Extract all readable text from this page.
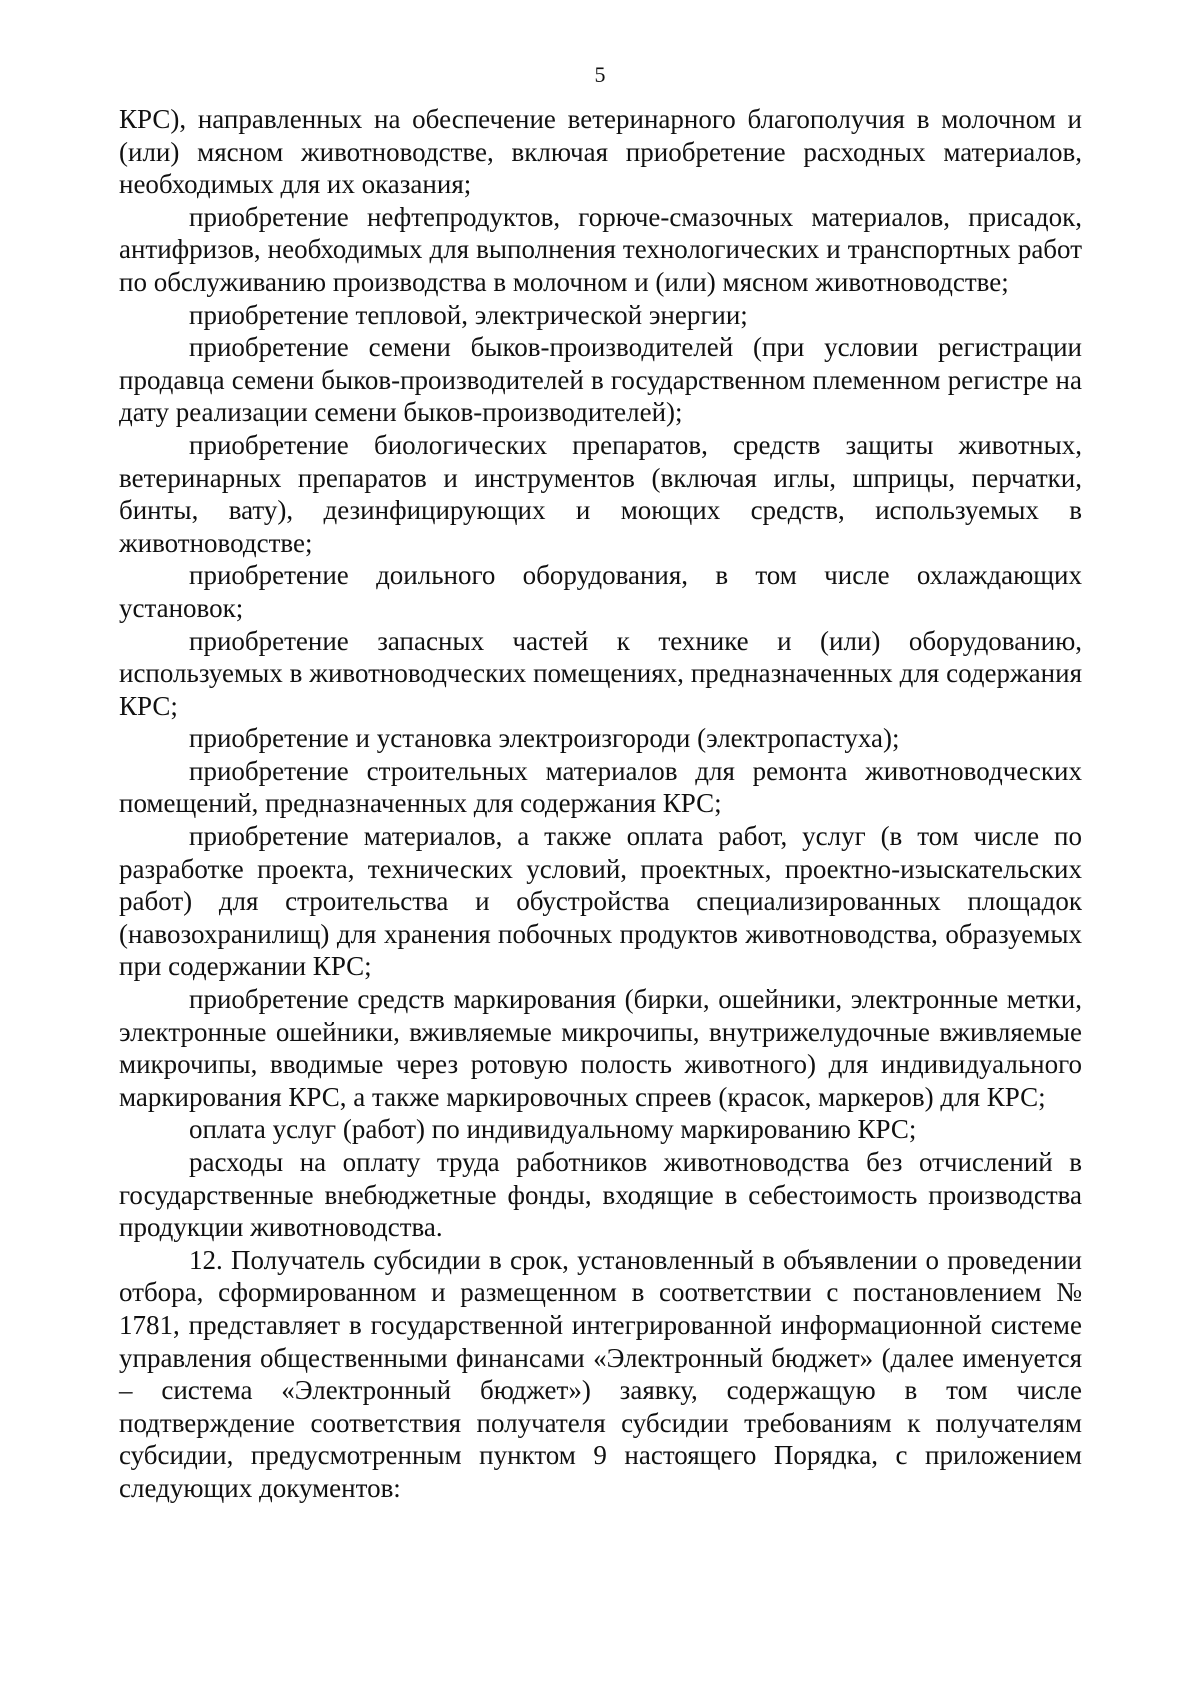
5

КРС), направленных на обеспечение ветеринарного благополучия в молочном и (или) мясном животноводстве, включая приобретение расходных материалов, необходимых для их оказания;

приобретение нефтепродуктов, горюче-смазочных материалов, присадок, антифризов, необходимых для выполнения технологических и транспортных работ по обслуживанию производства в молочном и (или) мясном животноводстве;

приобретение тепловой, электрической энергии;

приобретение семени быков-производителей (при условии регистрации продавца семени быков-производителей в государственном племенном регистре на дату реализации семени быков-производителей);

приобретение биологических препаратов, средств защиты животных, ветеринарных препаратов и инструментов (включая иглы, шприцы, перчатки, бинты, вату), дезинфицирующих и моющих средств, используемых в животноводстве;

приобретение доильного оборудования, в том числе охлаждающих установок;

приобретение запасных частей к технике и (или) оборудованию, используемых в животноводческих помещениях, предназначенных для содержания КРС;

приобретение и установка электроизгороди (электропастуха);

приобретение строительных материалов для ремонта животноводческих помещений, предназначенных для содержания КРС;

приобретение материалов, а также оплата работ, услуг (в том числе по разработке проекта, технических условий, проектных, проектно-изыскательских работ) для строительства и обустройства специализированных площадок (навозохранилищ) для хранения побочных продуктов животноводства, образуемых при содержании КРС;

приобретение средств маркирования (бирки, ошейники, электронные метки, электронные ошейники, вживляемые микрочипы, внутрижелудочные вживляемые микрочипы, вводимые через ротовую полость животного) для индивидуального маркирования КРС, а также маркировочных спреев (красок, маркеров) для КРС;

оплата услуг (работ) по индивидуальному маркированию КРС;

расходы на оплату труда работников животноводства без отчислений в государственные внебюджетные фонды, входящие в себестоимость производства продукции животноводства.

12. Получатель субсидии в срок, установленный в объявлении о проведении отбора, сформированном и размещенном в соответствии с постановлением № 1781, представляет в государственной интегрированной информационной системе управления общественными финансами «Электронный бюджет» (далее именуется – система «Электронный бюджет») заявку, содержащую в том числе подтверждение соответствия получателя субсидии требованиям к получателям субсидии, предусмотренным пунктом 9 настоящего Порядка, с приложением следующих документов:
